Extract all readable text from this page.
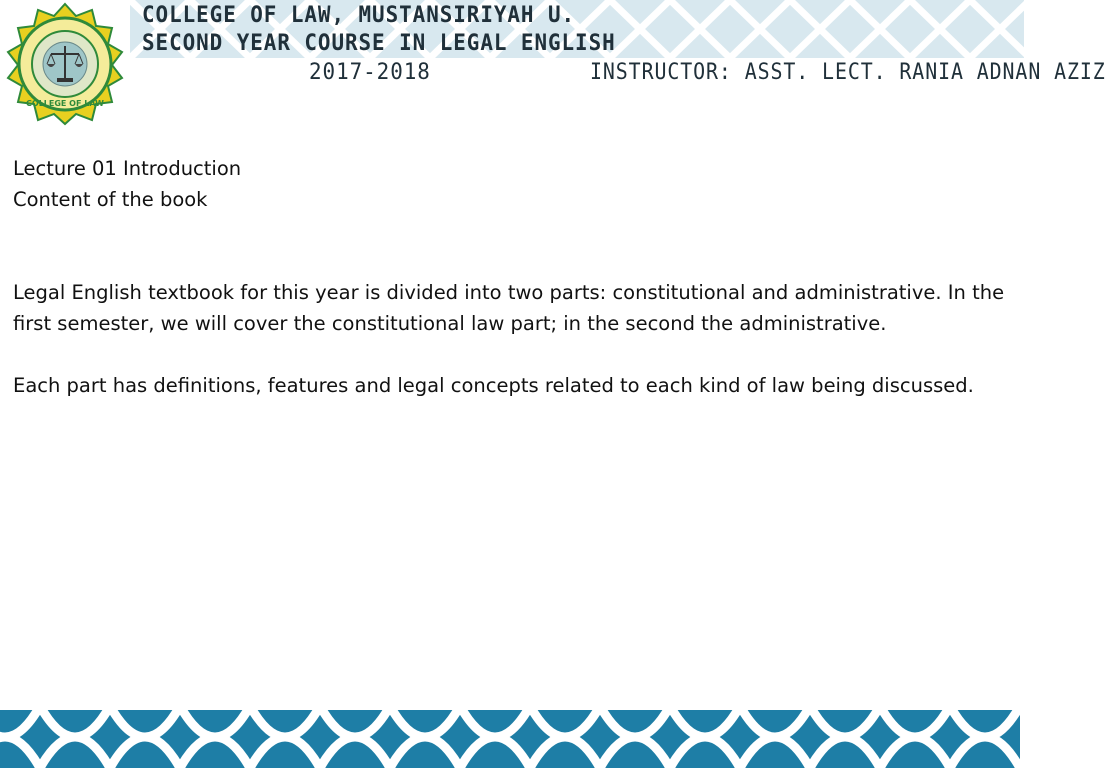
COLLEGE OF LAW
COLLEGE OF LAW, MUSTANSIRIYAH U.
SECOND YEAR COURSE IN LEGAL ENGLISH
2017-2018	INSTRUCTOR: ASST. LECT. RANIA ADNAN AZIZ

Lecture 01 Introduction

Content of the book

Legal English textbook for this year is divided into two parts: constitutional and administrative. In the first semester, we will cover the constitutional law part; in the second the administrative.

Each part has definitions, features and legal concepts related to each kind of law being discussed.
